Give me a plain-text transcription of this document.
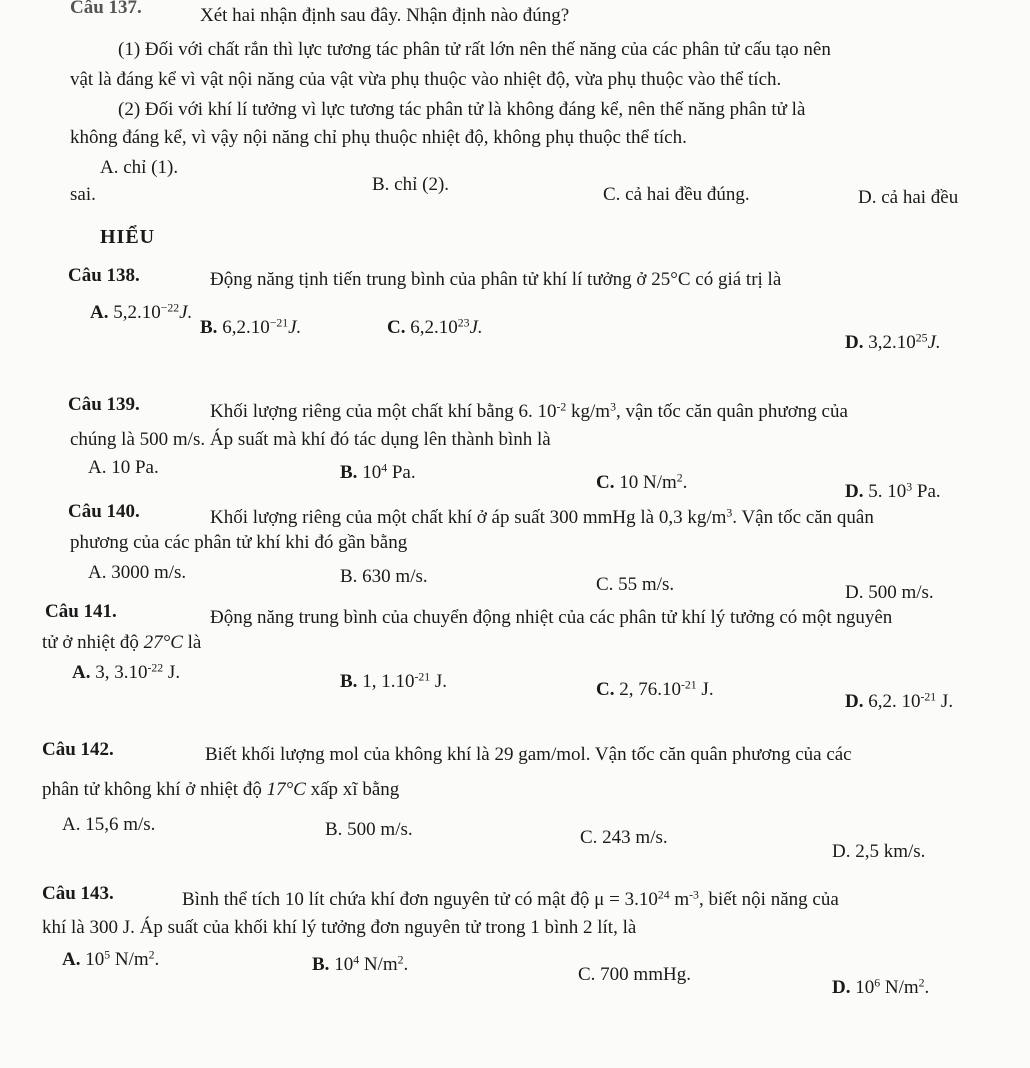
Câu 137.	Xét hai nhận định sau đây. Nhận định nào đúng?
(1) Đối với chất rắn thì lực tương tác phân tử rất lớn nên thế năng của các phân tử cấu tạo nên
vật là đáng kể vì vật nội năng của vật vừa phụ thuộc vào nhiệt độ, vừa phụ thuộc vào thể tích.
(2) Đối với khí lí tưởng vì lực tương tác phân tử là không đáng kể, nên thế năng phân tử là
không đáng kể, vì vậy nội năng chỉ phụ thuộc nhiệt độ, không phụ thuộc thể tích.
A. chỉ (1).
sai.	B. chỉ (2).	C. cả hai đều đúng.	D. cả hai đều
HIỂU
Câu 138.	Động năng tịnh tiến trung bình của phân tử khí lí tưởng ở 25°C có giá trị là
A. $5,2.10^{-22}J$.
B. $6,2.10^{-21}J$.	C. 6,2.10$^{23}$J.
D. 3,2.10$^{25}$J.
Câu 139.	Khối lượng riêng của một chất khí bằng 6. $10^{-2}$ $kg/m^3$, vận tốc căn quân phương của
chúng là 500 m/s. Áp suất mà khí đó tác dụng lên thành bình là
A. 10 Pa.	B. $10^4$ Pa.	C. 10 $N/m^2$.	D. 5. $10^3$ Pa.
Câu 140.	Khối lượng riêng của một chất khí ở áp suất 300 mmHg là 0,3 $kg/m^3$. Vận tốc căn quân
phương của các phân tử khí khi đó gần bằng
A. 3000 m/s.	B. 630 m/s.	C. 55 m/s.	D. 500 m/s.
Câu 141.	Động năng trung bình của chuyển động nhiệt của các phân tử khí lý tưởng có một nguyên
tử ở nhiệt độ 27°C là
A. 3, $3.10^{-22}$ J.	B. 1, $1.10^{-21}$ J.	C. 2, $76.10^{-21}$ J.
D. 6,2. $10^{-21}$ J.
Câu 142.	Biết khối lượng mol của không khí là 29 gam/mol. Vận tốc căn quân phương của các
phân tử không khí ở nhiệt độ 17°C xấp xĩ bằng
A. 15,6 m/s.	B. 500 m/s.	C. 243 m/s.
D. 2,5 km/s.
Câu 143.	Bình thể tích 10 lít chứa khí đơn nguyên tử có mật độ $\mu = 3.10^{24}$ $m^{-3}$, biết nội năng của
khí là 300 J. Áp suất của khối khí lý tưởng đơn nguyên tử trong 1 bình 2 lít, là
A. $10^5$ $N/m^2$.	B. $10^4$ $N/m^2$.	C. 700 mmHg.
D. $10^6$ $N/m^2$.
